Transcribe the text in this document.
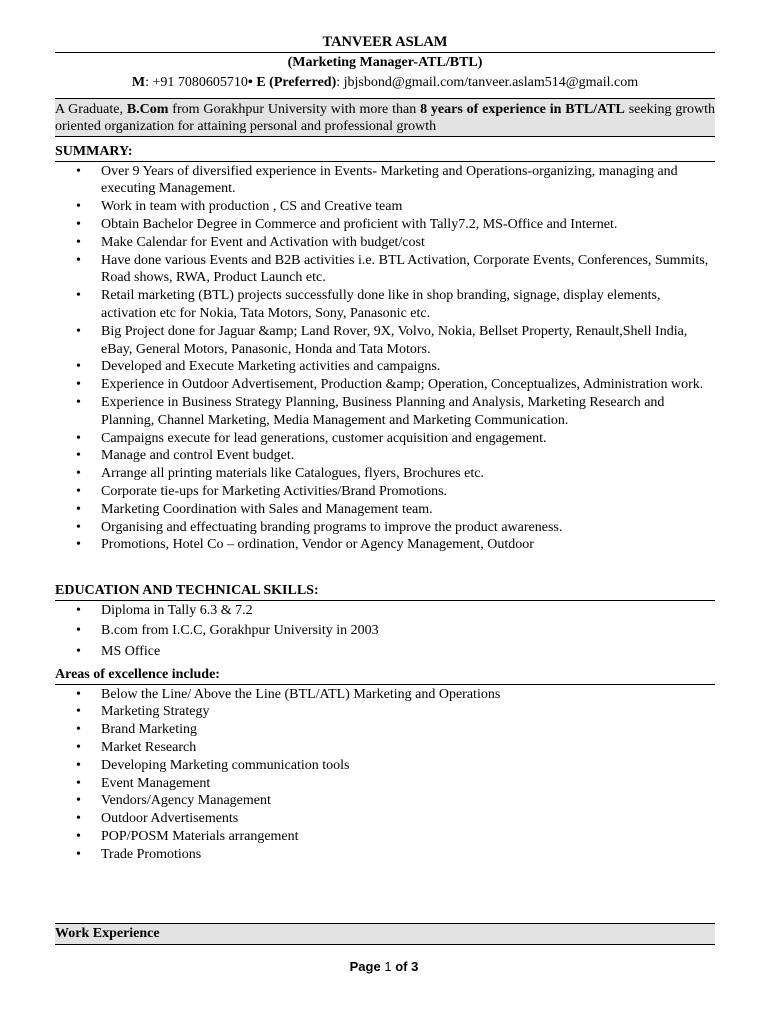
TANVEER ASLAM
(Marketing Manager-ATL/BTL)
M: +91 7080605710• E (Preferred): jbjsbond@gmail.com/tanveer.aslam514@gmail.com
A Graduate, B.Com from Gorakhpur University with more than 8 years of experience in BTL/ATL seeking growth oriented organization for attaining personal and professional growth
SUMMARY:
• Over 9 Years of diversified experience in Events- Marketing and Operations-organizing, managing and executing Management.
• Work in team with production , CS and Creative team
• Obtain Bachelor Degree in Commerce and proficient with Tally7.2, MS-Office and Internet.
• Make Calendar for Event and Activation with budget/cost
• Have done various Events and B2B activities i.e. BTL Activation, Corporate Events, Conferences, Summits, Road shows, RWA, Product Launch etc.
• Retail marketing (BTL) projects successfully done like in shop branding, signage, display elements, activation etc for Nokia, Tata Motors, Sony, Panasonic etc.
• Big Project done for Jaguar &amp; Land Rover, 9X, Volvo, Nokia, Bellset Property, Renault,Shell India, eBay, General Motors, Panasonic, Honda and Tata Motors.
• Developed and Execute Marketing activities and campaigns.
• Experience in Outdoor Advertisement, Production &amp; Operation, Conceptualizes, Administration work.
• Experience in Business Strategy Planning, Business Planning and Analysis, Marketing Research and Planning, Channel Marketing, Media Management and Marketing Communication.
• Campaigns execute for lead generations, customer acquisition and engagement.
• Manage and control Event budget.
• Arrange all printing materials like Catalogues, flyers, Brochures etc.
• Corporate tie-ups for Marketing Activities/Brand Promotions.
• Marketing Coordination with Sales and Management team.
• Organising and effectuating branding programs to improve the product awareness.
• Promotions, Hotel Co – ordination, Vendor or Agency Management, Outdoor
EDUCATION AND TECHNICAL SKILLS:
• Diploma in Tally 6.3 & 7.2
• B.com from I.C.C, Gorakhpur University in 2003
• MS Office
Areas of excellence include:
• Below the Line/ Above the Line (BTL/ATL) Marketing and Operations
• Marketing Strategy
• Brand Marketing
• Market Research
• Developing Marketing communication tools
• Event Management
• Vendors/Agency Management
• Outdoor Advertisements
• POP/POSM Materials arrangement
• Trade Promotions
Work Experience
Page 1 of 3
